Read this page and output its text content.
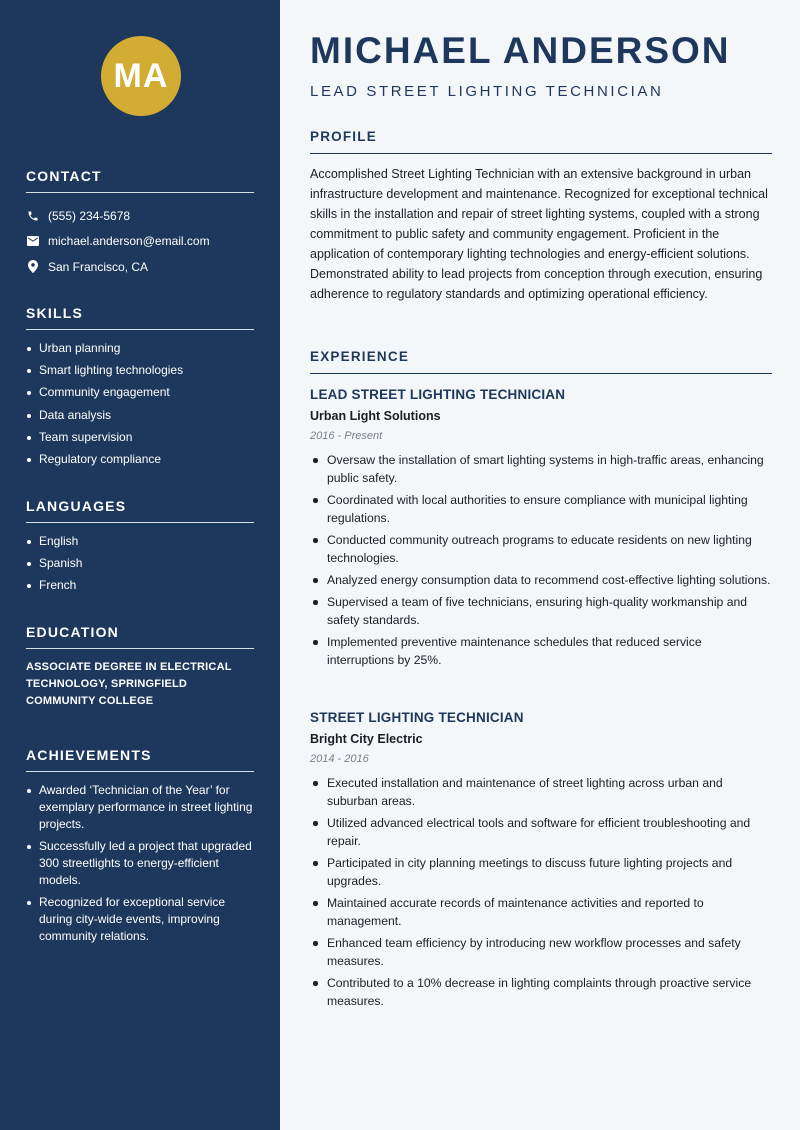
MA
CONTACT
(555) 234-5678
michael.anderson@email.com
San Francisco, CA
SKILLS
Urban planning
Smart lighting technologies
Community engagement
Data analysis
Team supervision
Regulatory compliance
LANGUAGES
English
Spanish
French
EDUCATION

ASSOCIATE DEGREE IN ELECTRICAL TECHNOLOGY, SPRINGFIELD COMMUNITY COLLEGE

ACHIEVEMENTS
Awarded ‘Technician of the Year’ for exemplary performance in street lighting projects.
Successfully led a project that upgraded 300 streetlights to energy-efficient models.
Recognized for exceptional service during city-wide events, improving community relations.
MICHAEL ANDERSON
LEAD STREET LIGHTING TECHNICIAN
PROFILE

Accomplished Street Lighting Technician with an extensive background in urban infrastructure development and maintenance. Recognized for exceptional technical skills in the installation and repair of street lighting systems, coupled with a strong commitment to public safety and community engagement. Proficient in the application of contemporary lighting technologies and energy-efficient solutions. Demonstrated ability to lead projects from conception through execution, ensuring adherence to regulatory standards and optimizing operational efficiency.

EXPERIENCE
LEAD STREET LIGHTING TECHNICIAN
Urban Light Solutions
2016 - Present
Oversaw the installation of smart lighting systems in high-traffic areas, enhancing public safety.
Coordinated with local authorities to ensure compliance with municipal lighting regulations.
Conducted community outreach programs to educate residents on new lighting technologies.
Analyzed energy consumption data to recommend cost-effective lighting solutions.
Supervised a team of five technicians, ensuring high-quality workmanship and safety standards.
Implemented preventive maintenance schedules that reduced service interruptions by 25%.
STREET LIGHTING TECHNICIAN
Bright City Electric
2014 - 2016
Executed installation and maintenance of street lighting across urban and suburban areas.
Utilized advanced electrical tools and software for efficient troubleshooting and repair.
Participated in city planning meetings to discuss future lighting projects and upgrades.
Maintained accurate records of maintenance activities and reported to management.
Enhanced team efficiency by introducing new workflow processes and safety measures.
Contributed to a 10% decrease in lighting complaints through proactive service measures.
